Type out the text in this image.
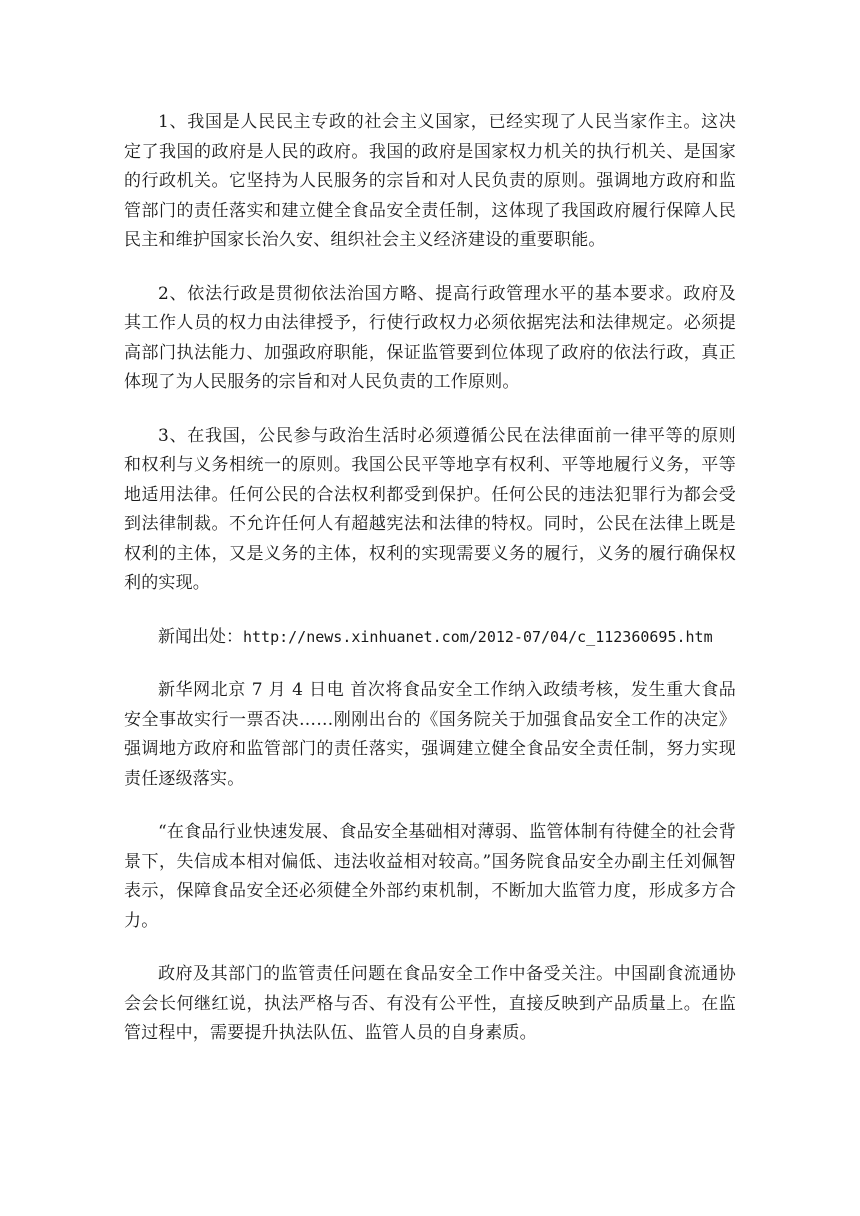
1、我国是人民民主专政的社会主义国家，已经实现了人民当家作主。这决定了我国的政府是人民的政府。我国的政府是国家权力机关的执行机关、是国家的行政机关。它坚持为人民服务的宗旨和对人民负责的原则。强调地方政府和监管部门的责任落实和建立健全食品安全责任制，这体现了我国政府履行保障人民民主和维护国家长治久安、组织社会主义经济建设的重要职能。

2、依法行政是贯彻依法治国方略、提高行政管理水平的基本要求。政府及其工作人员的权力由法律授予，行使行政权力必须依据宪法和法律规定。必须提高部门执法能力、加强政府职能，保证监管要到位体现了政府的依法行政，真正体现了为人民服务的宗旨和对人民负责的工作原则。

3、在我国，公民参与政治生活时必须遵循公民在法律面前一律平等的原则和权利与义务相统一的原则。我国公民平等地享有权利、平等地履行义务，平等地适用法律。任何公民的合法权利都受到保护。任何公民的违法犯罪行为都会受到法律制裁。不允许任何人有超越宪法和法律的特权。同时，公民在法律上既是权利的主体，又是义务的主体，权利的实现需要义务的履行，义务的履行确保权利的实现。

新闻出处：http://news.xinhuanet.com/2012-07/04/c_112360695.htm

新华网北京 7 月 4 日电 首次将食品安全工作纳入政绩考核，发生重大食品安全事故实行一票否决……刚刚出台的《国务院关于加强食品安全工作的决定》强调地方政府和监管部门的责任落实，强调建立健全食品安全责任制，努力实现责任逐级落实。

“在食品行业快速发展、食品安全基础相对薄弱、监管体制有待健全的社会背景下，失信成本相对偏低、违法收益相对较高。”国务院食品安全办副主任刘佩智表示，保障食品安全还必须健全外部约束机制，不断加大监管力度，形成多方合力。

政府及其部门的监管责任问题在食品安全工作中备受关注。中国副食流通协会会长何继红说，执法严格与否、有没有公平性，直接反映到产品质量上。在监管过程中，需要提升执法队伍、监管人员的自身素质。
